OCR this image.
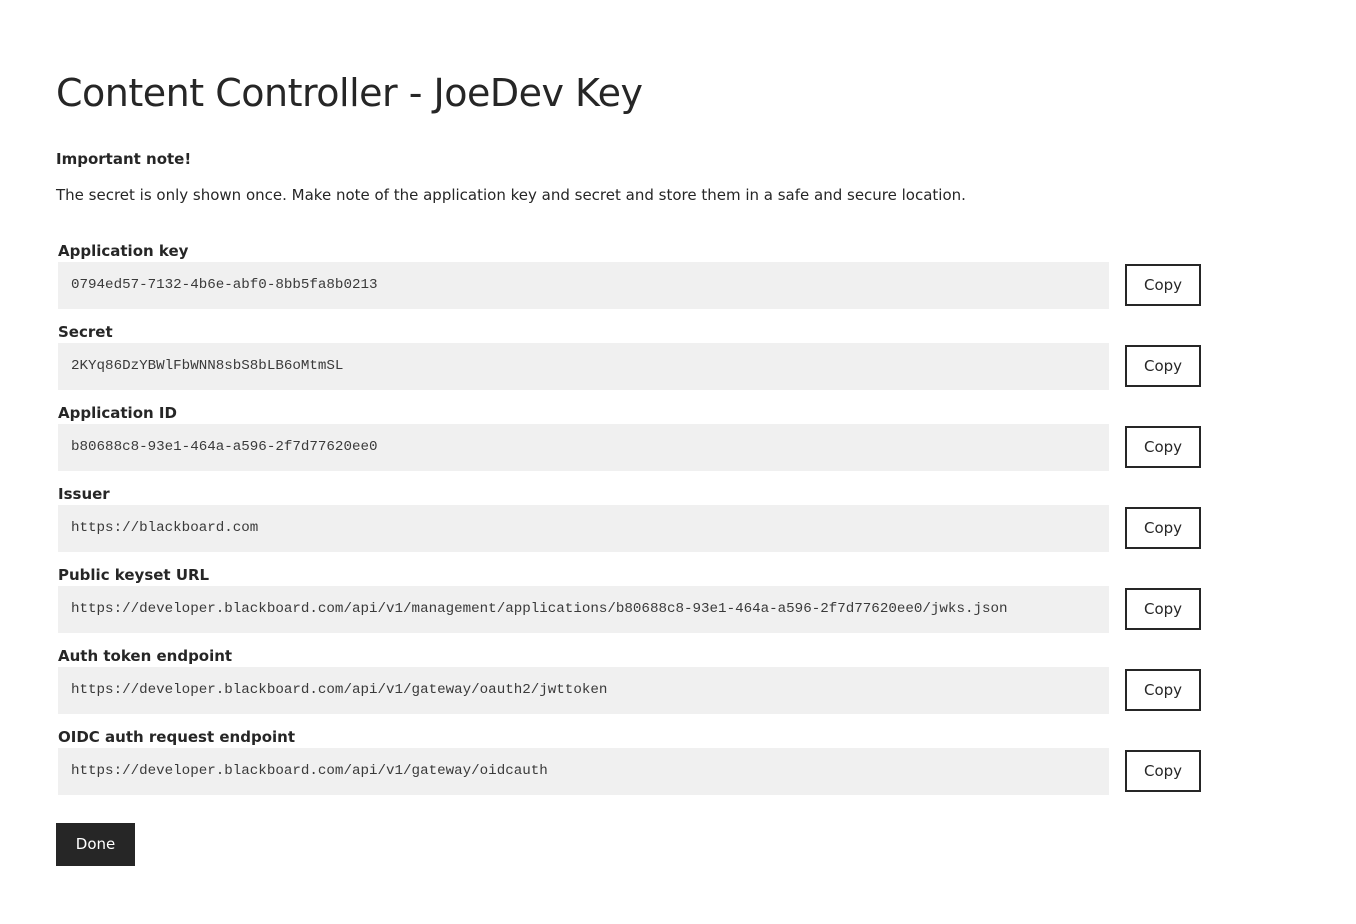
Content Controller - JoeDev Key
Important note!
The secret is only shown once. Make note of the application key and secret and store them in a safe and secure location.
Application key
0794ed57-7132-4b6e-abf0-8bb5fa8b0213	Copy
Secret
2KYq86DzYBWlFbWNN8sbS8bLB6oMtmSL	Copy
Application ID
b80688c8-93e1-464a-a596-2f7d77620ee0	Copy
Issuer
https://blackboard.com	Copy
Public keyset URL
https://developer.blackboard.com/api/v1/management/applications/b80688c8-93e1-464a-a596-2f7d77620ee0/jwks.json	Copy
Auth token endpoint
https://developer.blackboard.com/api/v1/gateway/oauth2/jwttoken	Copy
OIDC auth request endpoint
https://developer.blackboard.com/api/v1/gateway/oidcauth	Copy
Done
